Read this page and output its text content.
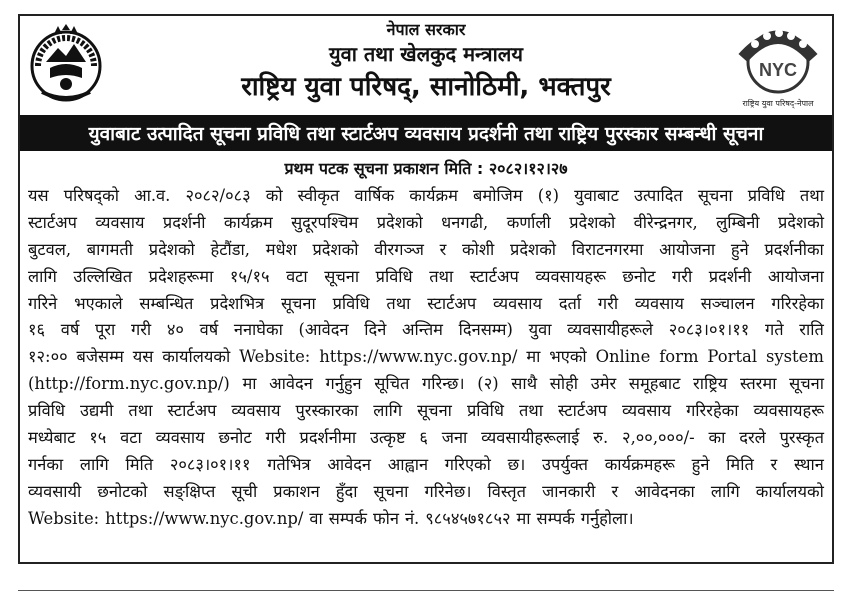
नेपाल सरकार
युवा तथा खेलकुद मन्त्रालय
राष्ट्रिय युवा परिषद्, सानोठिमी, भक्तपुर
NYC
राष्ट्रिय युवा परिषद्-नेपाल
युवाबाट उत्पादित सूचना प्रविधि तथा स्टार्टअप व्यवसाय प्रदर्शनी तथा राष्ट्रिय पुरस्कार सम्बन्धी सूचना
प्रथम पटक सूचना प्रकाशन मिति : २०८२।१२।२७
यस परिषद्को आ.व. २०८२/०८३ को स्वीकृत वार्षिक कार्यक्रम बमोजिम (१) युवाबाट उत्पादित सूचना प्रविधि तथा
स्टार्टअप व्यवसाय प्रदर्शनी कार्यक्रम सुदूरपश्चिम प्रदेशको धनगढी, कर्णाली प्रदेशको वीरेन्द्रनगर, लुम्बिनी प्रदेशको
बुटवल, बागमती प्रदेशको हेटौंडा, मधेश प्रदेशको वीरगञ्ज र कोशी प्रदेशको विराटनगरमा आयोजना हुने प्रदर्शनीका
लागि उल्लिखित प्रदेशहरूमा १५/१५ वटा सूचना प्रविधि तथा स्टार्टअप व्यवसायहरू छनोट गरी प्रदर्शनी आयोजना
गरिने भएकाले सम्बन्धित प्रदेशभित्र सूचना प्रविधि तथा स्टार्टअप व्यवसाय दर्ता गरी व्यवसाय सञ्चालन गरिरहेका
१६ वर्ष पूरा गरी ४० वर्ष ननाघेका (आवेदन दिने अन्तिम दिनसम्म) युवा व्यवसायीहरूले २०८३।०१।११ गते राति
१२:०० बजेसम्म यस कार्यालयको Website: https://www.nyc.gov.np/ मा भएको Online form Portal system
(http://form.nyc.gov.np/) मा आवेदन गर्नुहुन सूचित गरिन्छ। (२) साथै सोही उमेर समूहबाट राष्ट्रिय स्तरमा सूचना
प्रविधि उद्यमी तथा स्टार्टअप व्यवसाय पुरस्कारका लागि सूचना प्रविधि तथा स्टार्टअप व्यवसाय गरिरहेका व्यवसायहरू
मध्येबाट १५ वटा व्यवसाय छनोट गरी प्रदर्शनीमा उत्कृष्ट ६ जना व्यवसायीहरूलाई रु. २,००,०००/- का दरले पुरस्कृत
गर्नका लागि मिति २०८३।०१।११ गतेभित्र आवेदन आह्वान गरिएको छ। उपर्युक्त कार्यक्रमहरू हुने मिति र स्थान
व्यवसायी छनोटको सङ्क्षिप्त सूची प्रकाशन हुँदा सूचना गरिनेछ। विस्तृत जानकारी र आवेदनका लागि कार्यालयको
Website: https://www.nyc.gov.np/ वा सम्पर्क फोन नं. ९८५४५७१८५२ मा सम्पर्क गर्नुहोला।
